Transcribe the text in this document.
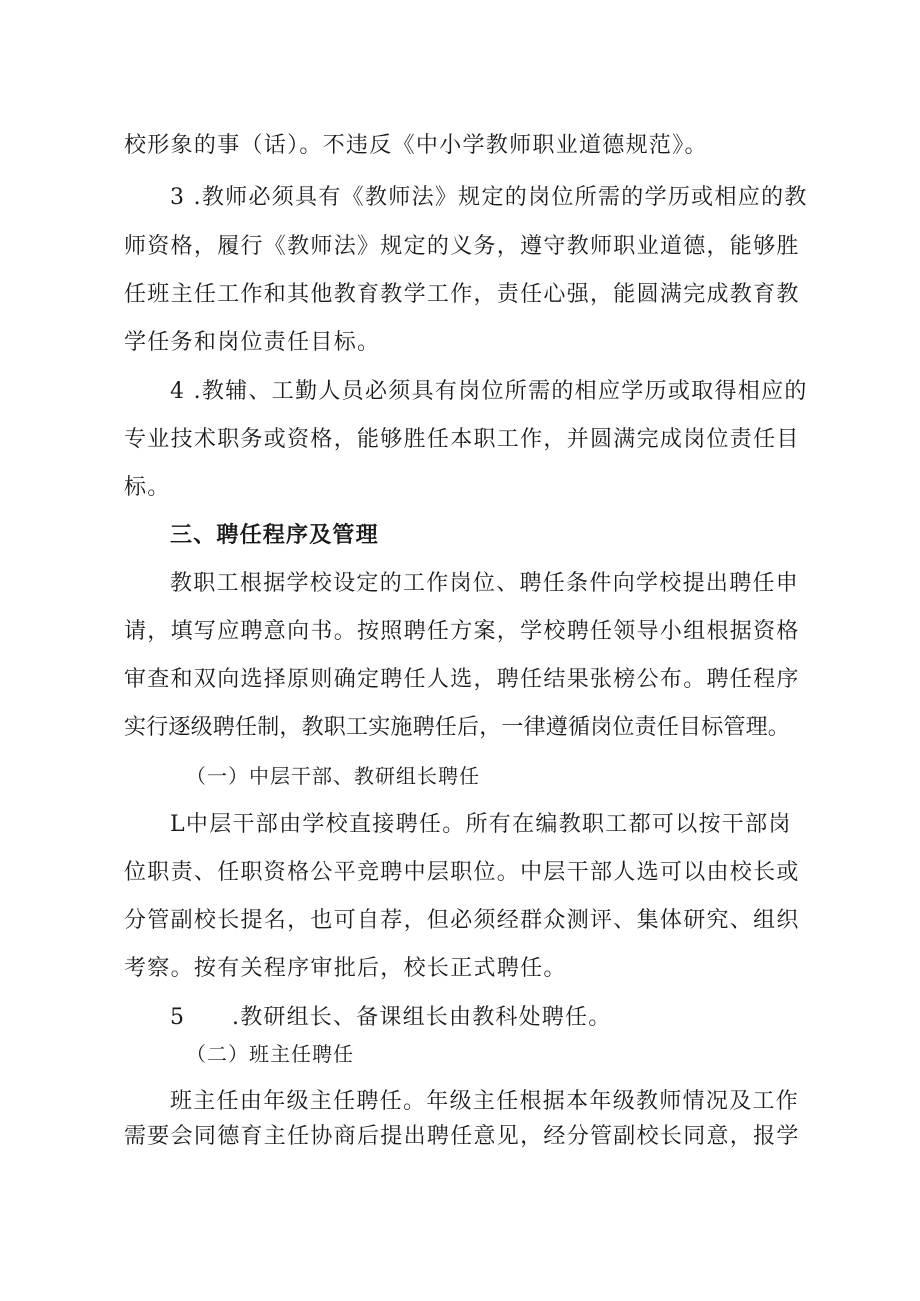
校形象的事（话）。不违反《中小学教师职业道德规范》。
3 .教师必须具有《教师法》规定的岗位所需的学历或相应的教
师资格，履行《教师法》规定的义务，遵守教师职业道德，能够胜
任班主任工作和其他教育教学工作，责任心强，能圆满完成教育教
学任务和岗位责任目标。
4 .教辅、工勤人员必须具有岗位所需的相应学历或取得相应的
专业技术职务或资格，能够胜任本职工作，并圆满完成岗位责任目
标。
三、聘任程序及管理
教职工根据学校设定的工作岗位、聘任条件向学校提出聘任申
请，填写应聘意向书。按照聘任方案，学校聘任领导小组根据资格
审查和双向选择原则确定聘任人选，聘任结果张榜公布。聘任程序
实行逐级聘任制，教职工实施聘任后，一律遵循岗位责任目标管理。
（一）中层干部、教研组长聘任
L中层干部由学校直接聘任。所有在编教职工都可以按干部岗
位职责、任职资格公平竞聘中层职位。中层干部人选可以由校长或
分管副校长提名，也可自荐，但必须经群众测评、集体研究、组织
考察。按有关程序审批后，校长正式聘任。
5 .教研组长、备课组长由教科处聘任。
（二）班主任聘任
班主任由年级主任聘任。年级主任根据本年级教师情况及工作
需要会同德育主任协商后提出聘任意见，经分管副校长同意，报学
